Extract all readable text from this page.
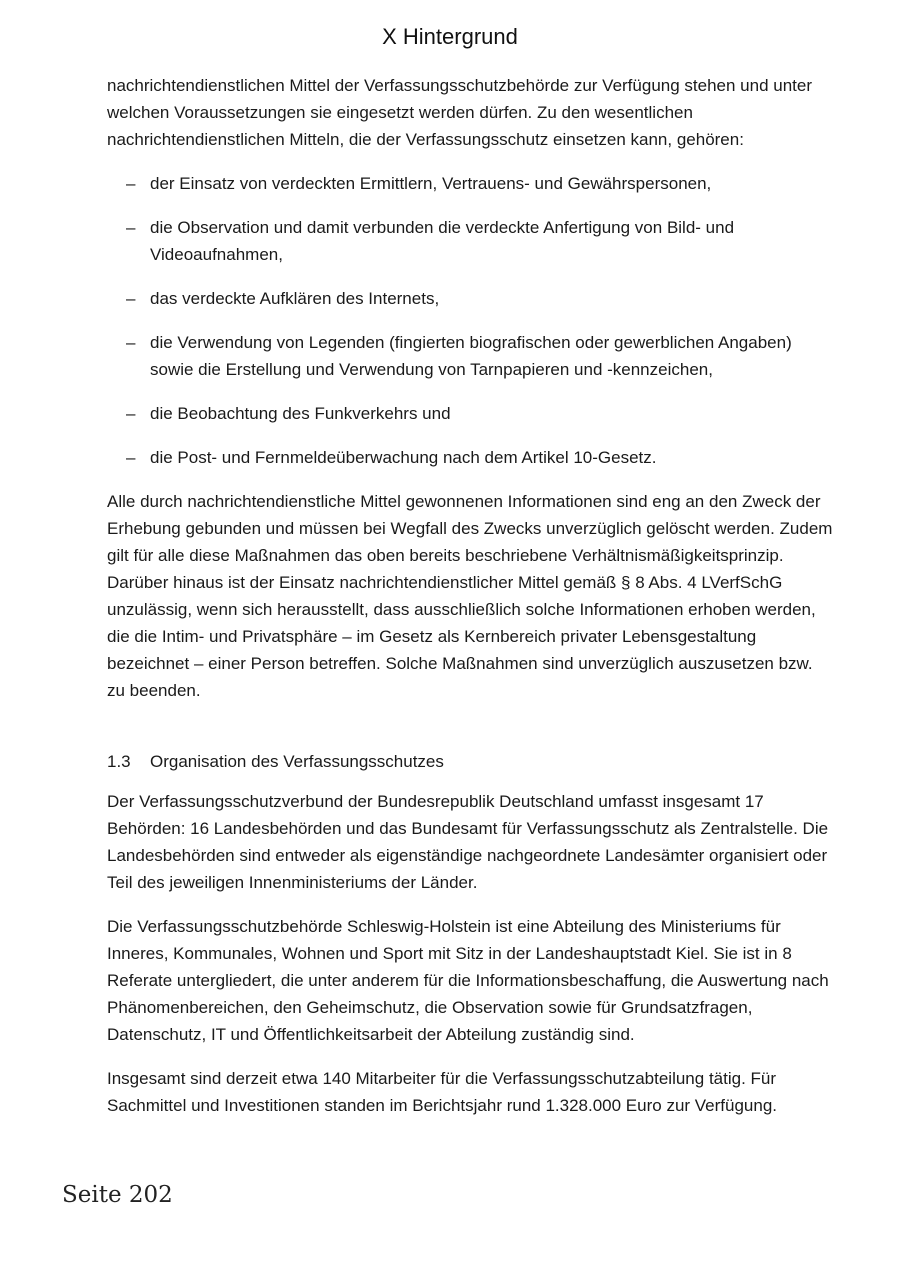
X Hintergrund

nachrichtendienstlichen Mittel der Verfassungsschutzbehörde zur Verfügung stehen und unter welchen Voraussetzungen sie eingesetzt werden dürfen. Zu den wesentlichen nachrichtendienstlichen Mitteln, die der Verfassungsschutz einsetzen kann, gehören:

– der Einsatz von verdeckten Ermittlern, Vertrauens- und Gewährspersonen,
– die Observation und damit verbunden die verdeckte Anfertigung von Bild- und Videoaufnahmen,
– das verdeckte Aufklären des Internets,
– die Verwendung von Legenden (fingierten biografischen oder gewerblichen Angaben) sowie die Erstellung und Verwendung von Tarnpapieren und -kennzeichen,
– die Beobachtung des Funkverkehrs und
– die Post- und Fernmeldeüberwachung nach dem Artikel 10-Gesetz.

Alle durch nachrichtendienstliche Mittel gewonnenen Informationen sind eng an den Zweck der Erhebung gebunden und müssen bei Wegfall des Zwecks unverzüglich gelöscht werden. Zudem gilt für alle diese Maßnahmen das oben bereits beschriebene Verhältnismäßigkeitsprinzip. Darüber hinaus ist der Einsatz nachrichtendienstlicher Mittel gemäß § 8 Abs. 4 LVerfSchG unzulässig, wenn sich herausstellt, dass ausschließlich solche Informationen erhoben werden, die die Intim- und Privatsphäre – im Gesetz als Kernbereich privater Lebensgestaltung bezeichnet – einer Person betreffen. Solche Maßnahmen sind unverzüglich auszusetzen bzw. zu beenden.

1.3 Organisation des Verfassungsschutzes

Der Verfassungsschutzverbund der Bundesrepublik Deutschland umfasst insgesamt 17 Behörden: 16 Landesbehörden und das Bundesamt für Verfassungsschutz als Zentralstelle. Die Landesbehörden sind entweder als eigenständige nachgeordnete Landesämter organisiert oder Teil des jeweiligen Innenministeriums der Länder.

Die Verfassungsschutzbehörde Schleswig-Holstein ist eine Abteilung des Ministeriums für Inneres, Kommunales, Wohnen und Sport mit Sitz in der Landeshauptstadt Kiel. Sie ist in 8 Referate untergliedert, die unter anderem für die Informationsbeschaffung, die Auswertung nach Phänomenbereichen, den Geheimschutz, die Observation sowie für Grundsatzfragen, Datenschutz, IT und Öffentlichkeitsarbeit der Abteilung zuständig sind.

Insgesamt sind derzeit etwa 140 Mitarbeiter für die Verfassungsschutzabteilung tätig. Für Sachmittel und Investitionen standen im Berichtsjahr rund 1.328.000 Euro zur Verfügung.

Seite 202
